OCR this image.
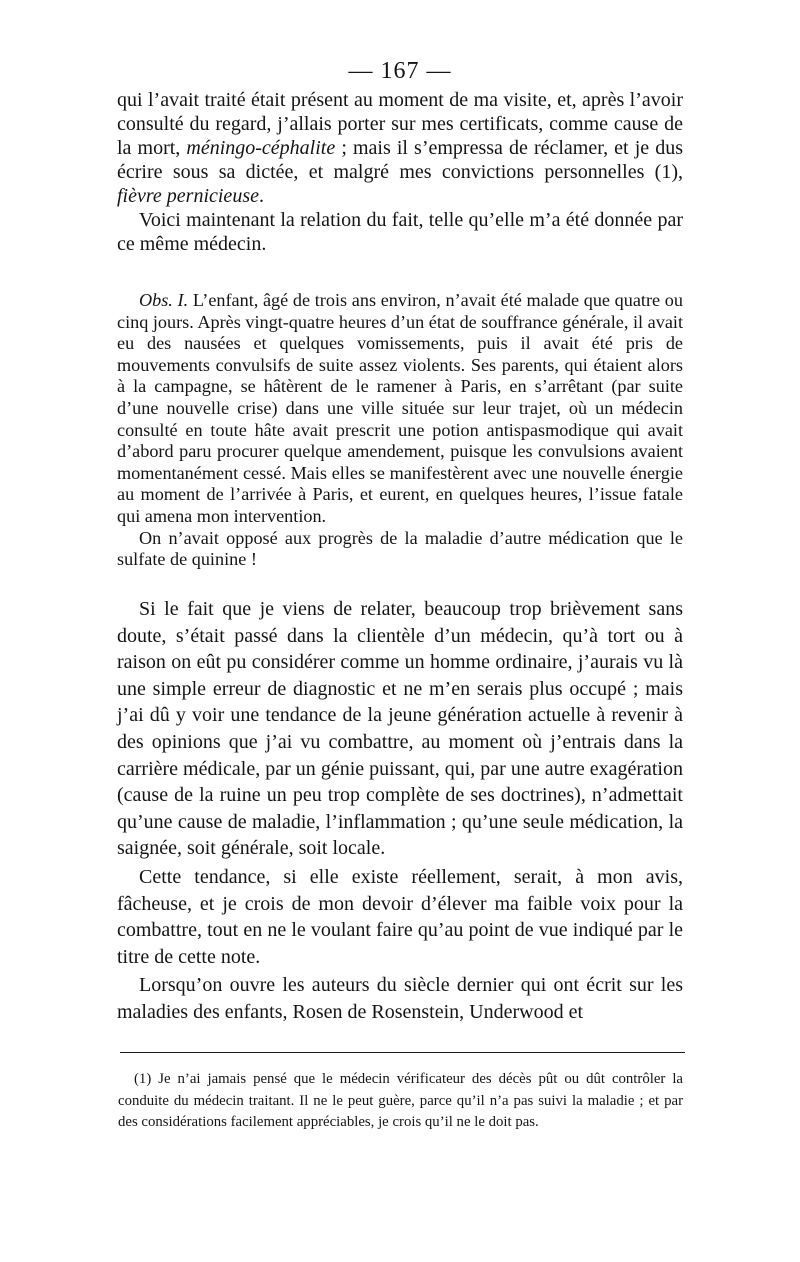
— 167 —

qui l’avait traité était présent au moment de ma visite, et, après l’avoir consulté du regard, j’allais porter sur mes certificats, comme cause de la mort, méningo-céphalite ; mais il s’empressa de réclamer, et je dus écrire sous sa dictée, et malgré mes convictions personnelles (1), fièvre pernicieuse.

Voici maintenant la relation du fait, telle qu’elle m’a été donnée par ce même médecin.

Obs. I. L’enfant, âgé de trois ans environ, n’avait été malade que quatre ou cinq jours. Après vingt-quatre heures d’un état de souffrance générale, il avait eu des nausées et quelques vomissements, puis il avait été pris de mouvements convulsifs de suite assez violents. Ses parents, qui étaient alors à la campagne, se hâtèrent de le ramener à Paris, en s’arrêtant (par suite d’une nouvelle crise) dans une ville située sur leur trajet, où un médecin consulté en toute hâte avait prescrit une potion antispasmodique qui avait d’abord paru procurer quelque amendement, puisque les convulsions avaient momentanément cessé. Mais elles se manifestèrent avec une nouvelle énergie au moment de l’arrivée à Paris, et eurent, en quelques heures, l’issue fatale qui amena mon intervention.

On n’avait opposé aux progrès de la maladie d’autre médication que le sulfate de quinine !

Si le fait que je viens de relater, beaucoup trop brièvement sans doute, s’était passé dans la clientèle d’un médecin, qu’à tort ou à raison on eût pu considérer comme un homme ordinaire, j’aurais vu là une simple erreur de diagnostic et ne m’en serais plus occupé ; mais j’ai dû y voir une tendance de la jeune génération actuelle à revenir à des opinions que j’ai vu combattre, au moment où j’entrais dans la carrière médicale, par un génie puissant, qui, par une autre exagération (cause de la ruine un peu trop complète de ses doctrines), n’admettait qu’une cause de maladie, l’inflammation ; qu’une seule médication, la saignée, soit générale, soit locale.

Cette tendance, si elle existe réellement, serait, à mon avis, fâcheuse, et je crois de mon devoir d’élever ma faible voix pour la combattre, tout en ne le voulant faire qu’au point de vue indiqué par le titre de cette note.

Lorsqu’on ouvre les auteurs du siècle dernier qui ont écrit sur les maladies des enfants, Rosen de Rosenstein, Underwood et

(1) Je n’ai jamais pensé que le médecin vérificateur des décès pût ou dût contrôler la conduite du médecin traitant. Il ne le peut guère, parce qu’il n’a pas suivi la maladie ; et par des considérations facilement appréciables, je crois qu’il ne le doit pas.
